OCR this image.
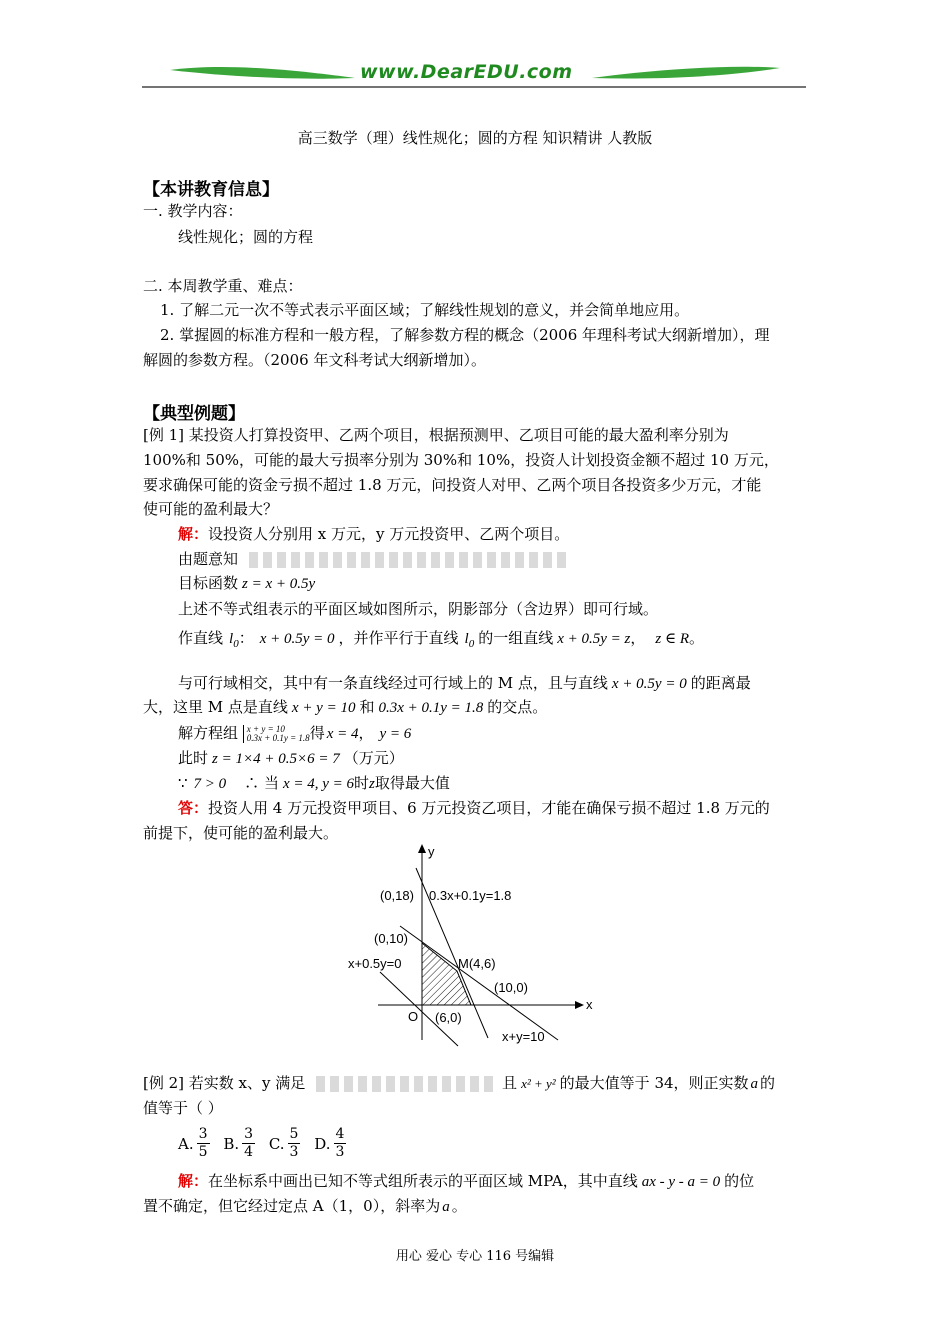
www.DearEDU.com
高三数学（理）线性规化；圆的方程 知识精讲 人教版
【本讲教育信息】
一. 教学内容：
线性规化；圆的方程
二. 本周教学重、难点：
1. 了解二元一次不等式表示平面区域；了解线性规划的意义，并会简单地应用。
2. 掌握圆的标准方程和一般方程，了解参数方程的概念（2006 年理科考试大纲新增加），理
解圆的参数方程。（2006 年文科考试大纲新增加）。
【典型例题】
[例 1] 某投资人打算投资甲、乙两个项目，根据预测甲、乙项目可能的最大盈利率分别为
100%和 50%，可能的最大亏损率分别为 30%和 10%，投资人计划投资金额不超过 10 万元，
要求确保可能的资金亏损不超过 1.8 万元，问投资人对甲、乙两个项目各投资多少万元，才能
使可能的盈利最大？
解：设投资人分别用 x 万元，y 万元投资甲、乙两个项目。
由题意知
目标函数 z = x + 0.5y
上述不等式组表示的平面区域如图所示，阴影部分（含边界）即可行域。
作直线 $l_0$： x + 0.5y = 0 ，并作平行于直线 $l_0$ 的一组直线 x + 0.5y = z， z ∈ R。
与可行域相交，其中有一条直线经过可行域上的 M 点，且与直线 x + 0.5y = 0 的距离最
大，这里 M 点是直线 x + y = 10 和 0.3x + 0.1y = 1.8 的交点。
解方程组 x + y = 10
0.3x + 0.1y = 1.8 得 x = 4， y = 6
此时 z = 1×4 + 0.5×6 = 7 （万元）
∵ 7 > 0 ∴ 当 x = 4, y = 6时z取得最大值
答：投资人用 4 万元投资甲项目、6 万元投资乙项目，才能在确保亏损不超过 1.8 万元的
前提下，使可能的盈利最大。
y
x
O
(0,18) 0.3x+0.1y=1.8
(0,10)
x+0.5y=0	M(4,6)
(10,0)
(6,0)
x+y=10
[例 2] 若实数 x、y 满足	且 x² + y² 的最大值等于 34，则正实数 a 的
值等于（ ）
A. $\frac{3}{5} B$. $\frac{3}{4} C$. $\frac{5}{3} D$. $\frac{4}{3}$
解：在坐标系中画出已知不等式组所表示的平面区域 MPA，其中直线 ax - y - a = 0 的位
置不确定，但它经过定点 A（1，0），斜率为 a 。
用心 爱心 专心 116 号编辑
